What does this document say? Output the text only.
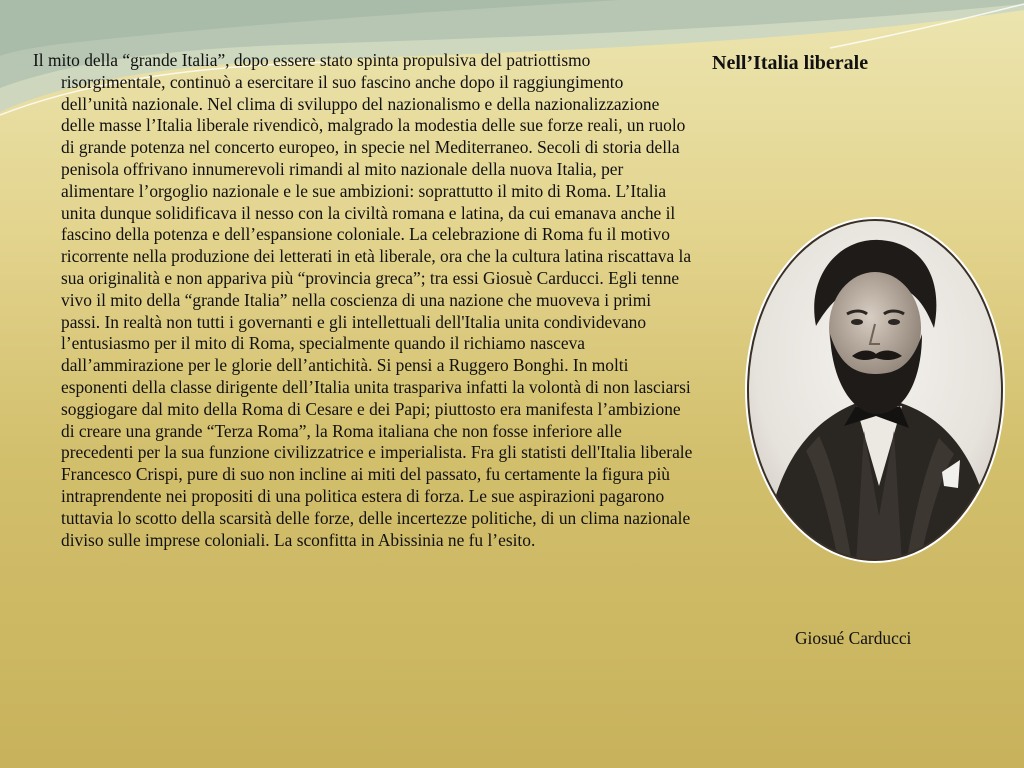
Il mito della “grande Italia”, dopo essere stato spinta propulsiva del patriottismo risorgimentale, continuò a esercitare il suo fascino anche dopo il raggiungimento dell’unità nazionale. Nel clima di sviluppo del nazionalismo e della nazionalizzazione delle masse l’Italia liberale rivendicò, malgrado la modestia delle sue forze reali, un ruolo di grande potenza nel concerto europeo, in specie nel Mediterraneo. Secoli di storia della penisola offrivano innumerevoli rimandi al mito nazionale della nuova Italia, per alimentare l’orgoglio nazionale e le sue ambizioni: soprattutto il mito di Roma. L’Italia unita dunque solidificava il nesso con la civiltà romana e latina, da cui emanava anche il fascino della potenza e dell’espansione coloniale. La celebrazione di Roma fu il motivo ricorrente nella produzione dei letterati in età liberale, ora che la cultura latina riscattava la sua originalità e non appariva più “provincia greca”; tra essi Giosuè Carducci. Egli tenne vivo il mito della “grande Italia” nella coscienza di una nazione che muoveva i primi passi. In realtà non tutti i governanti e gli intellettuali dell'Italia unita condividevano l’entusiasmo per il mito di Roma, specialmente quando il richiamo nasceva dall’ammirazione per le glorie dell’antichità. Si pensi a Ruggero Bonghi. In molti esponenti della classe dirigente dell’Italia unita traspariva infatti la volontà di non lasciarsi soggiogare dal mito della Roma di Cesare e dei Papi; piuttosto era manifesta l’ambizione di creare una grande “Terza Roma”, la Roma italiana che non fosse inferiore alle precedenti per la sua funzione civilizzatrice e imperialista. Fra gli statisti dell'Italia liberale Francesco Crispi, pure di suo non incline ai miti del passato, fu certamente la figura più intraprendente nei propositi di una politica estera di forza. Le sue aspirazioni pagarono tuttavia lo scotto della scarsità delle forze, delle incertezze politiche, di un clima nazionale diviso sulle imprese coloniali. La sconfitta in Abissinia ne fu l’esito.

Nell’Italia liberale

Giosué Carducci
